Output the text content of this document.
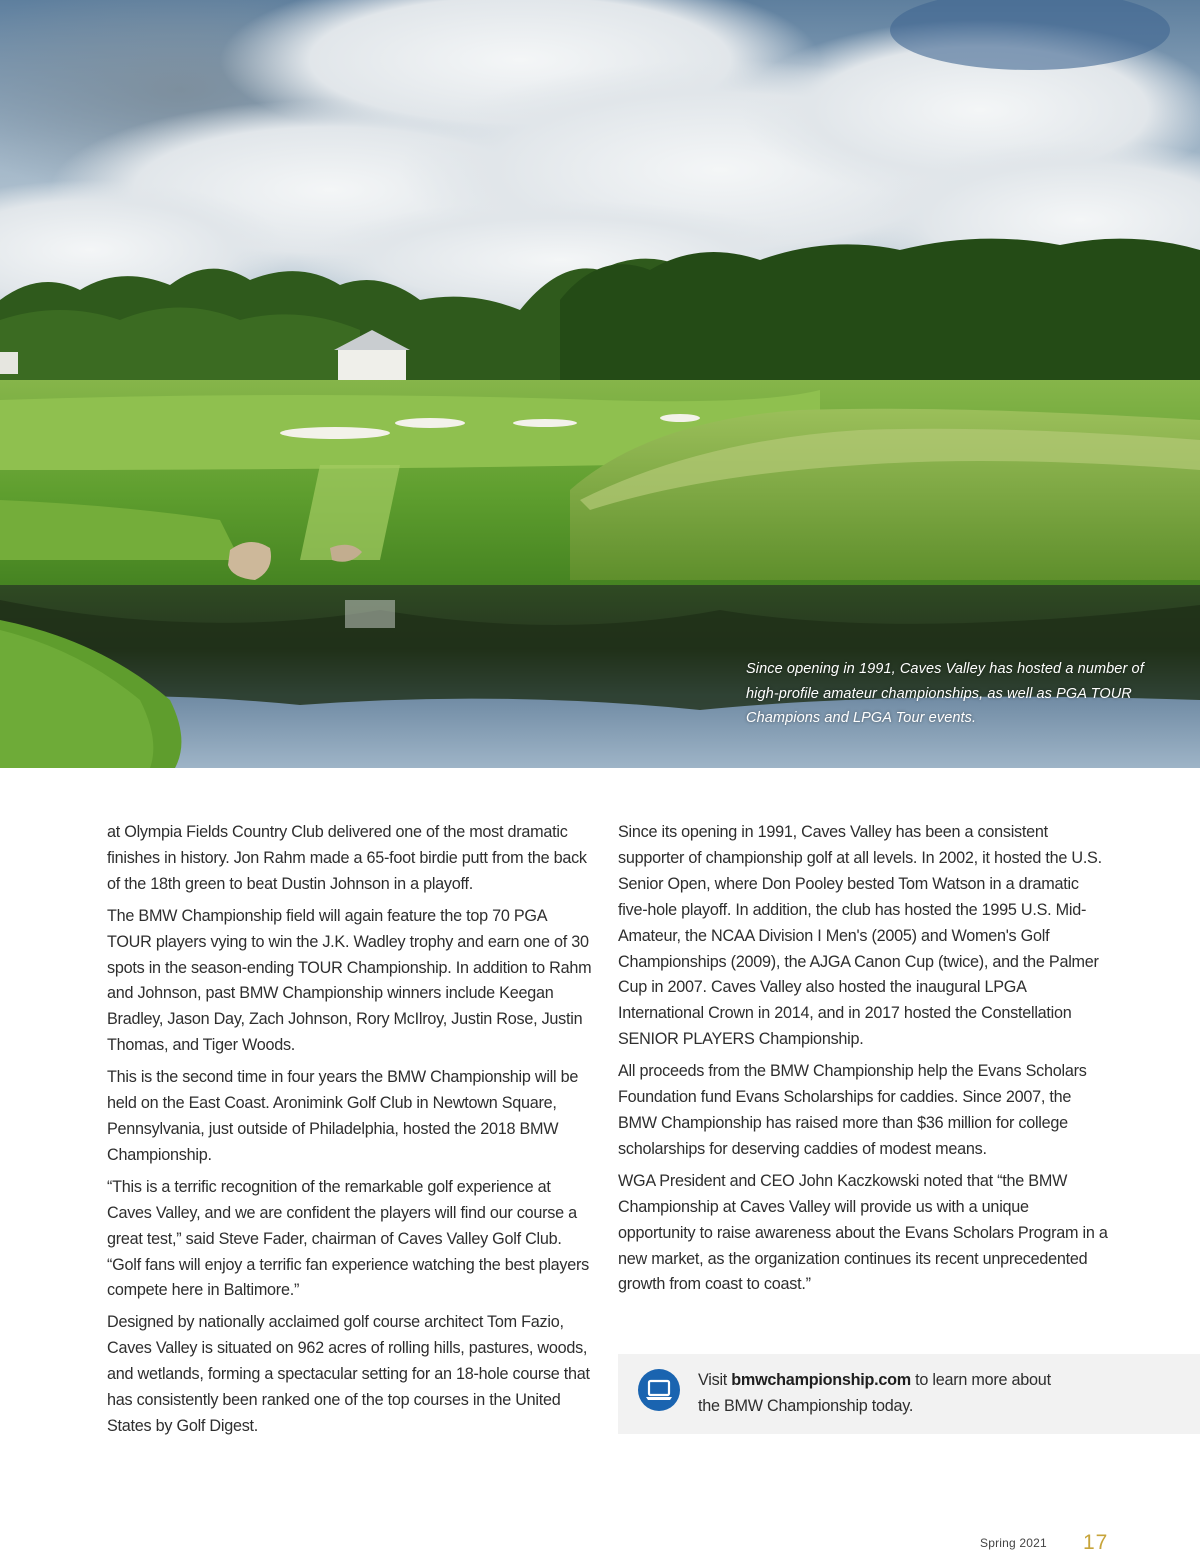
Since opening in 1991, Caves Valley has hosted a number of high-profile amateur championships, as well as PGA TOUR Champions and LPGA Tour events.

at Olympia Fields Country Club delivered one of the most dramatic finishes in history. Jon Rahm made a 65-foot birdie putt from the back of the 18th green to beat Dustin Johnson in a playoff.

The BMW Championship field will again feature the top 70 PGA TOUR players vying to win the J.K. Wadley trophy and earn one of 30 spots in the season-ending TOUR Championship. In addition to Rahm and Johnson, past BMW Championship winners include Keegan Bradley, Jason Day, Zach Johnson, Rory McIlroy, Justin Rose, Justin Thomas, and Tiger Woods.

This is the second time in four years the BMW Championship will be held on the East Coast. Aronimink Golf Club in Newtown Square, Pennsylvania, just outside of Philadelphia, hosted the 2018 BMW Championship.

“This is a terrific recognition of the remarkable golf experience at Caves Valley, and we are confident the players will find our course a great test,” said Steve Fader, chairman of Caves Valley Golf Club. “Golf fans will enjoy a terrific fan experience watching the best players compete here in Baltimore.”

Designed by nationally acclaimed golf course architect Tom Fazio, Caves Valley is situated on 962 acres of rolling hills, pastures, woods, and wetlands, forming a spectacular setting for an 18-hole course that has consistently been ranked one of the top courses in the United States by Golf Digest.

Since its opening in 1991, Caves Valley has been a consistent supporter of championship golf at all levels. In 2002, it hosted the U.S. Senior Open, where Don Pooley bested Tom Watson in a dramatic five-hole playoff. In addition, the club has hosted the 1995 U.S. Mid-Amateur, the NCAA Division I Men's (2005) and Women's Golf Championships (2009), the AJGA Canon Cup (twice), and the Palmer Cup in 2007. Caves Valley also hosted the inaugural LPGA International Crown in 2014, and in 2017 hosted the Constellation SENIOR PLAYERS Championship.

All proceeds from the BMW Championship help the Evans Scholars Foundation fund Evans Scholarships for caddies. Since 2007, the BMW Championship has raised more than $36 million for college scholarships for deserving caddies of modest means.

WGA President and CEO John Kaczkowski noted that “the BMW Championship at Caves Valley will provide us with a unique opportunity to raise awareness about the Evans Scholars Program in a new market, as the organization continues its recent unprecedented growth from coast to coast.”

Visit bmwchampionship.com to learn more about the BMW Championship today.
Spring 2021 17
